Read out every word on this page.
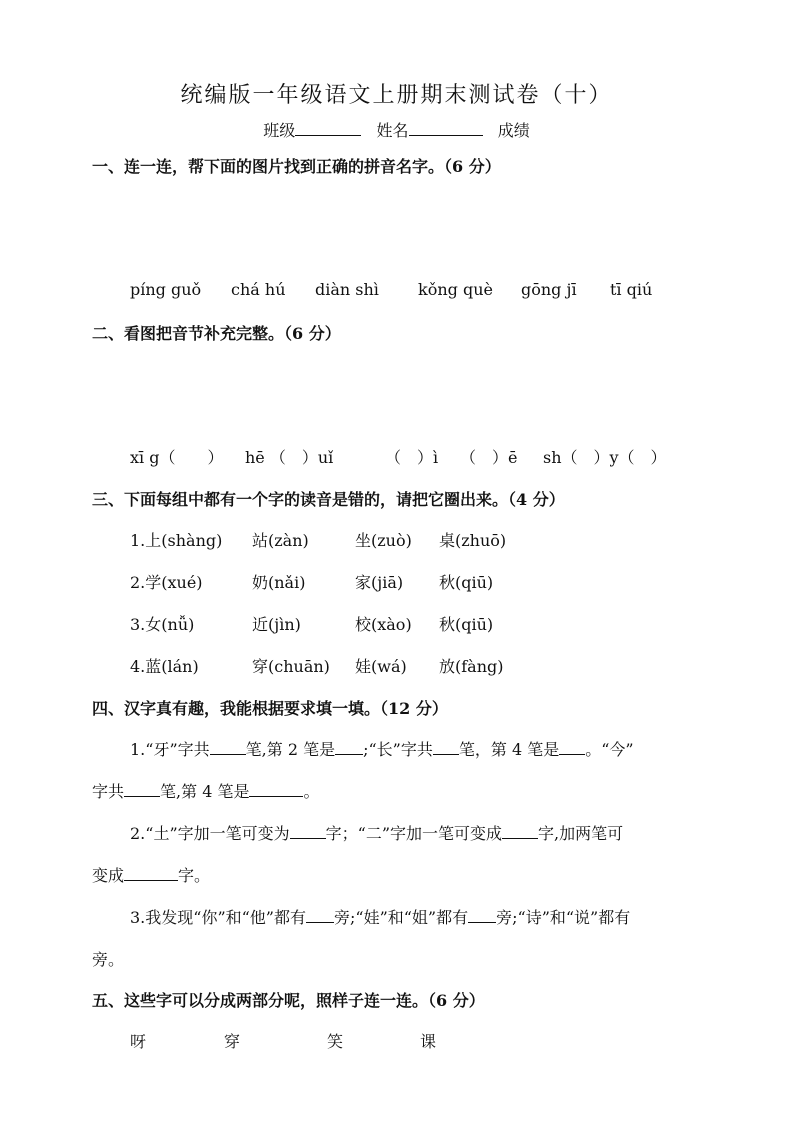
统编版一年级语文上册期末测试卷（十）
班级	姓名	成绩
一、连一连，帮下面的图片找到正确的拼音名字。（6 分）
píng guǒ chá hú diàn shì kǒng què gōng jī tī qiú
二、看图把音节补充完整。（6 分）
xī g（　　） hē （　）uǐ	（　）ì （　）ē sh（　）y（　）
三、下面每组中都有一个字的读音是错的，请把它圈出来。（4 分）
1.上(shàng) 站(zàn)	坐(zuò) 桌(zhuō)
2.学(xué)	奶(nǎi)	家(jiā) 秋(qiū)
3.女(nǚ)	近(jìn)	校(xào) 秋(qiū)
4.蓝(lán)	穿(chuān) 娃(wá) 放(fàng)
四、汉字真有趣，我能根据要求填一填。（12 分）
1.“牙”字共 笔,第 2 笔是 ;“长”字共 笔，第 4 笔是 。“今”
字共 笔,第 4 笔是	。
2.“土”字加一笔可变为 字；“二”字加一笔可变成 字,加两笔可
变成	字。
3.我发现“你”和“他”都有 旁;“娃”和“姐”都有 旁;“诗”和“说”都有
旁。
五、这些字可以分成两部分呢，照样子连一连。（6 分）
呀	穿	笑	课
